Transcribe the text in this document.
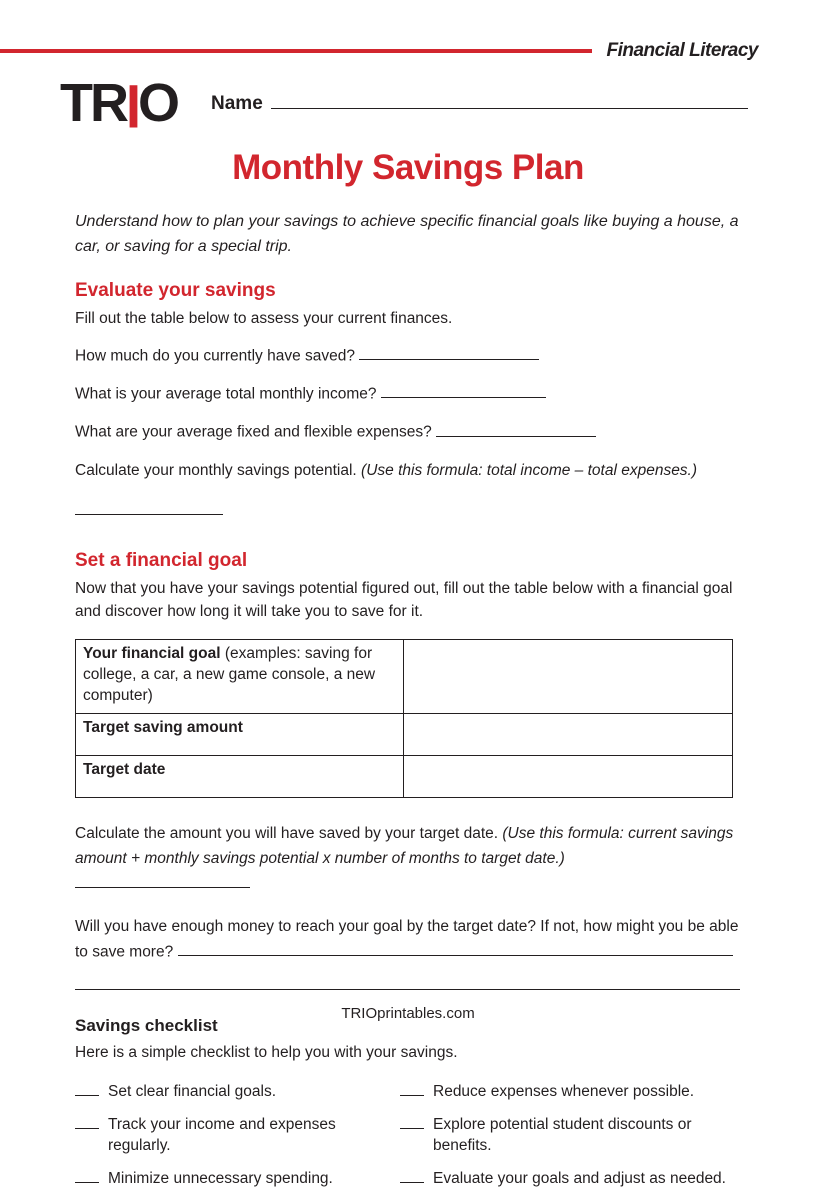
Financial Literacy
TRIO Name
Monthly Savings Plan
Understand how to plan your savings to achieve specific financial goals like buying a house, a car, or saving for a special trip.
Evaluate your savings
Fill out the table below to assess your current finances.
How much do you currently have saved?
What is your average total monthly income?
What are your average fixed and flexible expenses?
Calculate your monthly savings potential. (Use this formula: total income – total expenses.)
Set a financial goal
Now that you have your savings potential figured out, fill out the table below with a financial goal and discover how long it will take you to save for it.
Your financial goal (examples: saving for college, a car, a new game console, a new computer)	
Target saving amount	
Target date	
Calculate the amount you will have saved by your target date. (Use this formula: current savings amount + monthly savings potential x number of months to target date.)
Will you have enough money to reach your goal by the target date? If not, how might you be able to save more?
Savings checklist
Here is a simple checklist to help you with your savings.
Set clear financial goals.	Reduce expenses whenever possible.
Track your income and expenses regularly.
Explore potential student discounts or benefits.
Minimize unnecessary spending.	Evaluate your goals and adjust as needed.
TRIOprintables.com
